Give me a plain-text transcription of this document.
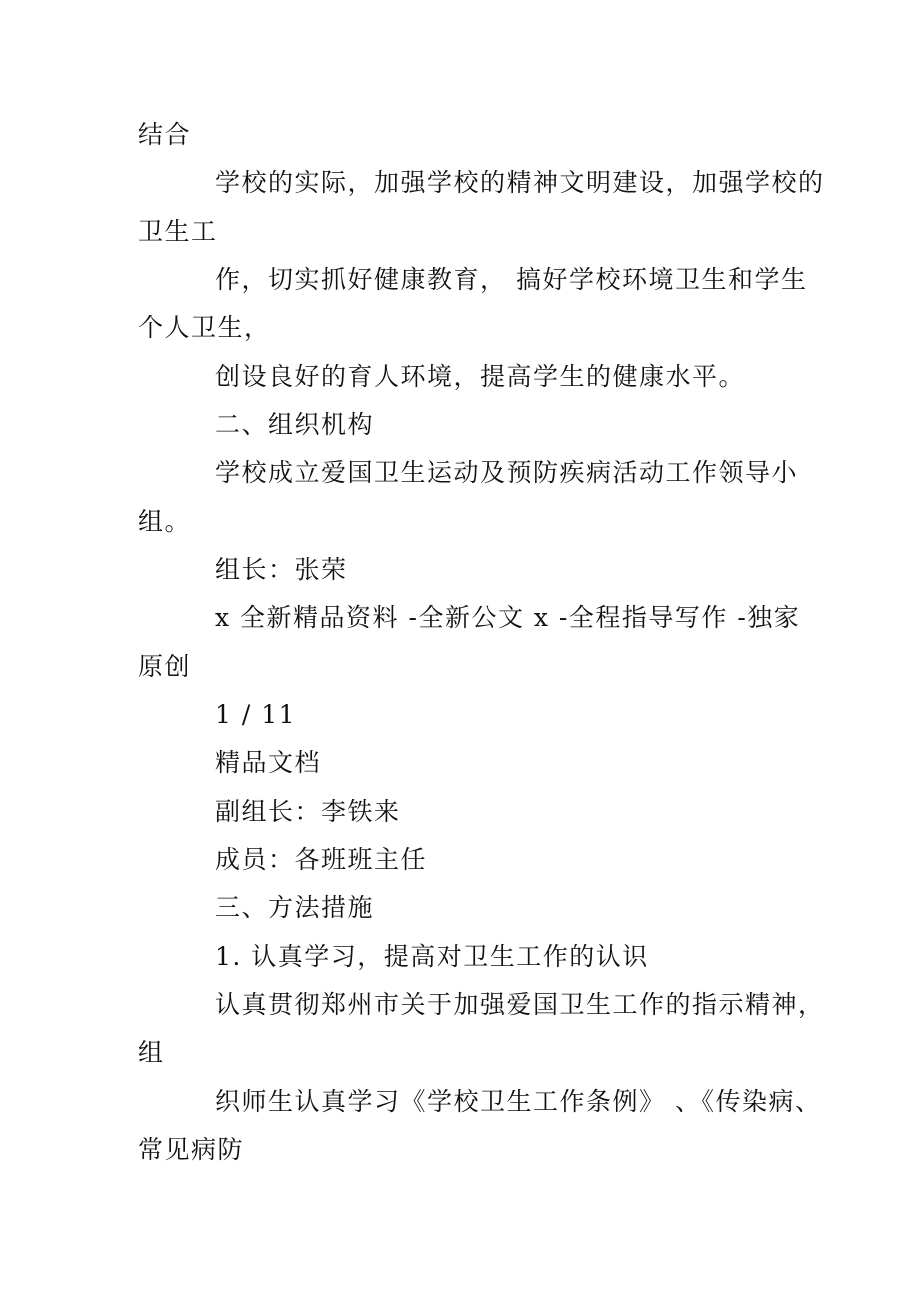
结合
学校的实际，加强学校的精神文明建设，加强学校的
卫生工
作，切实抓好健康教育， 搞好学校环境卫生和学生
个人卫生，
创设良好的育人环境，提高学生的健康水平。
二、组织机构
学校成立爱国卫生运动及预防疾病活动工作领导小
组。
组长：张荣
x 全新精品资料 -全新公文 x -全程指导写作 -独家
原创
1 / 11
精品文档
副组长：李铁来
成员：各班班主任
三、方法措施
1. 认真学习，提高对卫生工作的认识
认真贯彻郑州市关于加强爱国卫生工作的指示精神，
组
织师生认真学习《学校卫生工作条例》 、《传染病、
常见病防
